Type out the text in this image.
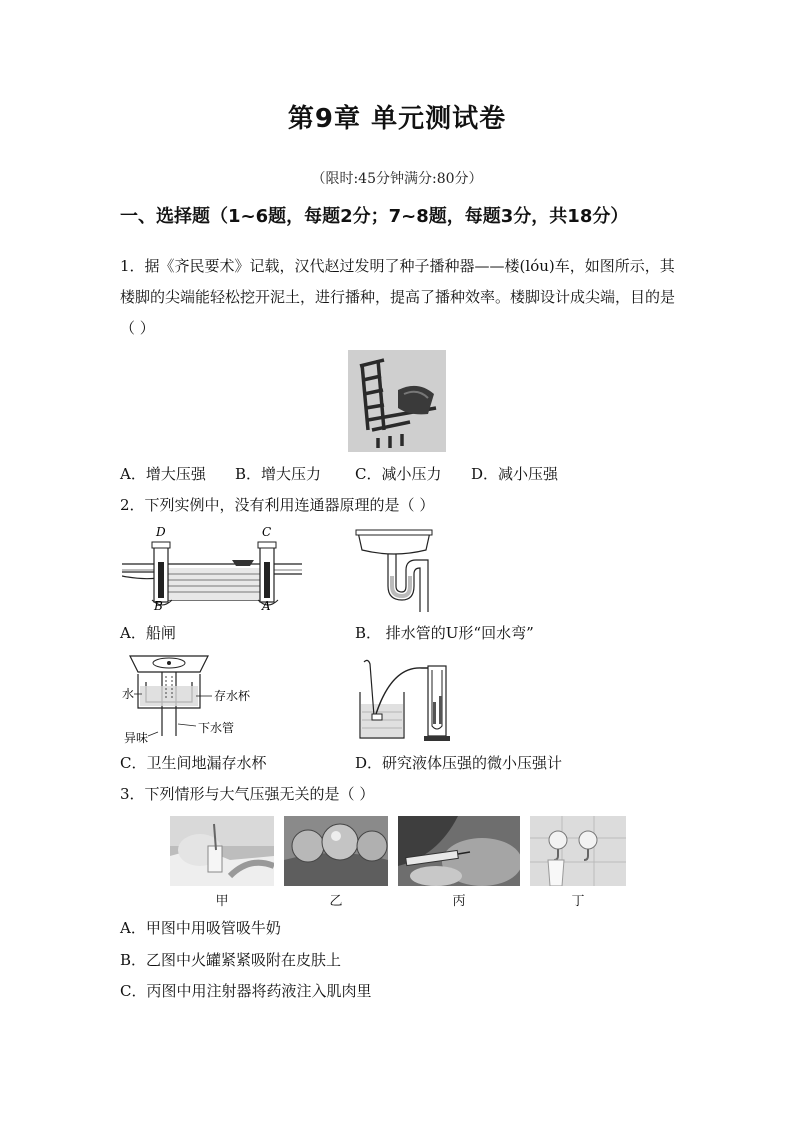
第9章 单元测试卷
（限时:45分钟满分:80分）
一、选择题（1~6题，每题2分；7~8题，每题3分，共18分）
1．据《齐民要术》记载，汉代赵过发明了种子播种器——楼(lóu)车，如图所示，其楼脚的尖端能轻松挖开泥土，进行播种，提高了播种效率。楼脚设计成尖端，目的是（ ）
A．增大压强 B．增大压力 C．减小压力 D．减小压强
2．下列实例中，没有利用连通器原理的是（ ）
D	C
B	A
A．船闸	B． 排水管的U形“回水弯”
水	存水杯
下水管
异味
C．卫生间地漏存水杯	D．研究液体压强的微小压强计
3．下列情形与大气压强无关的是（ ）
甲	乙	丙	丁
A．甲图中用吸管吸牛奶
B．乙图中火罐紧紧吸附在皮肤上
C．丙图中用注射器将药液注入肌肉里
